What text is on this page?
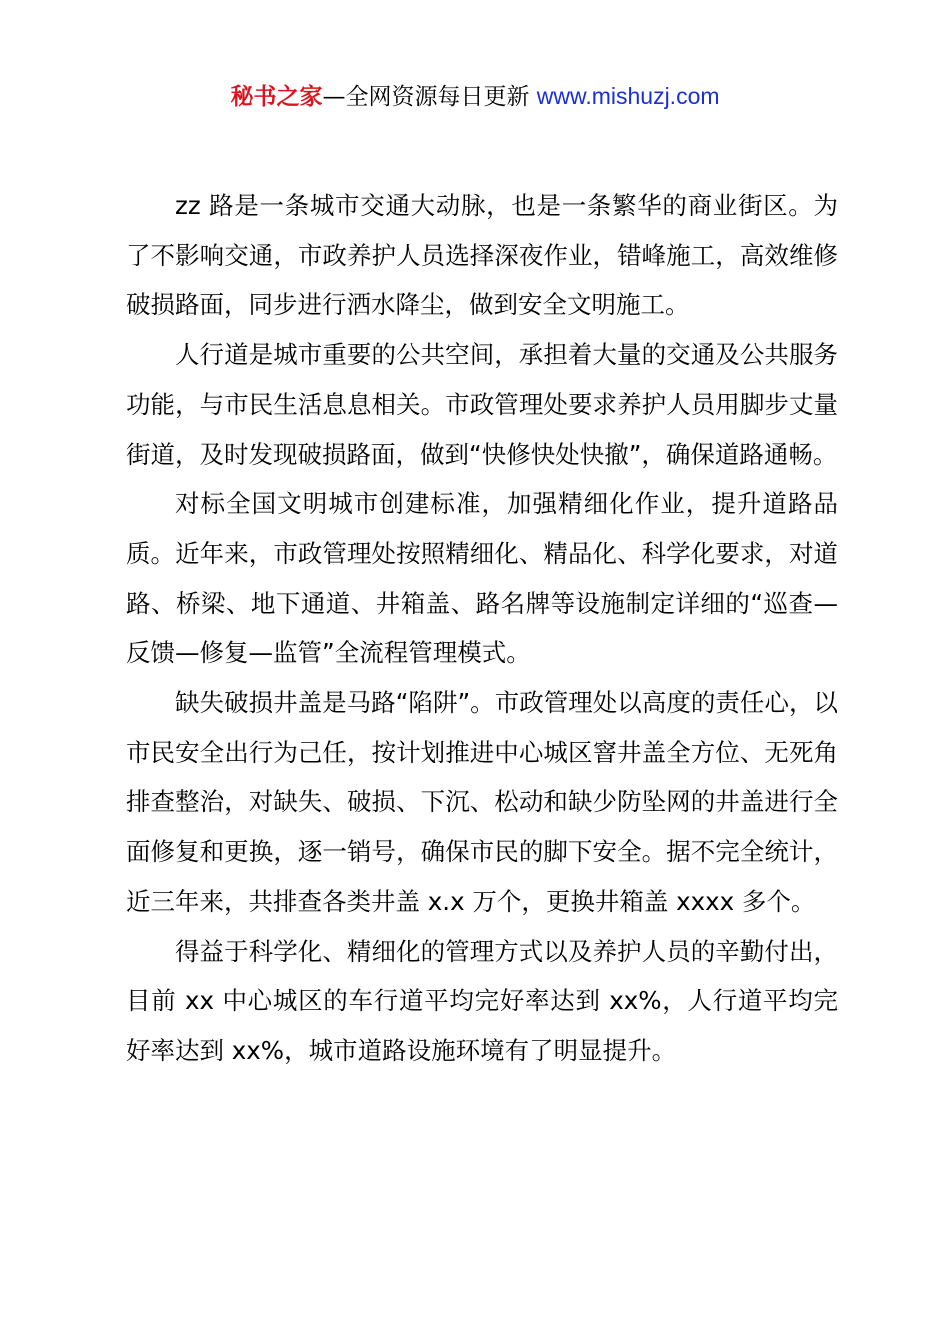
秘书之家—全网资源每日更新 www.mishuzj.com

zz 路是一条城市交通大动脉，也是一条繁华的商业街区。为了不影响交通，市政养护人员选择深夜作业，错峰施工，高效维修破损路面，同步进行洒水降尘，做到安全文明施工。

人行道是城市重要的公共空间，承担着大量的交通及公共服务功能，与市民生活息息相关。市政管理处要求养护人员用脚步丈量街道，及时发现破损路面，做到“快修快处快撤”，确保道路通畅。

对标全国文明城市创建标准，加强精细化作业，提升道路品质。近年来，市政管理处按照精细化、精品化、科学化要求，对道路、桥梁、地下通道、井箱盖、路名牌等设施制定详细的“巡查—反馈—修复—监管”全流程管理模式。

缺失破损井盖是马路“陷阱”。市政管理处以高度的责任心，以市民安全出行为己任，按计划推进中心城区窨井盖全方位、无死角排查整治，对缺失、破损、下沉、松动和缺少防坠网的井盖进行全面修复和更换，逐一销号，确保市民的脚下安全。据不完全统计，近三年来，共排查各类井盖 x.x 万个，更换井箱盖 xxxx 多个。

得益于科学化、精细化的管理方式以及养护人员的辛勤付出，目前 xx 中心城区的车行道平均完好率达到 xx%，人行道平均完好率达到 xx%，城市道路设施环境有了明显提升。
